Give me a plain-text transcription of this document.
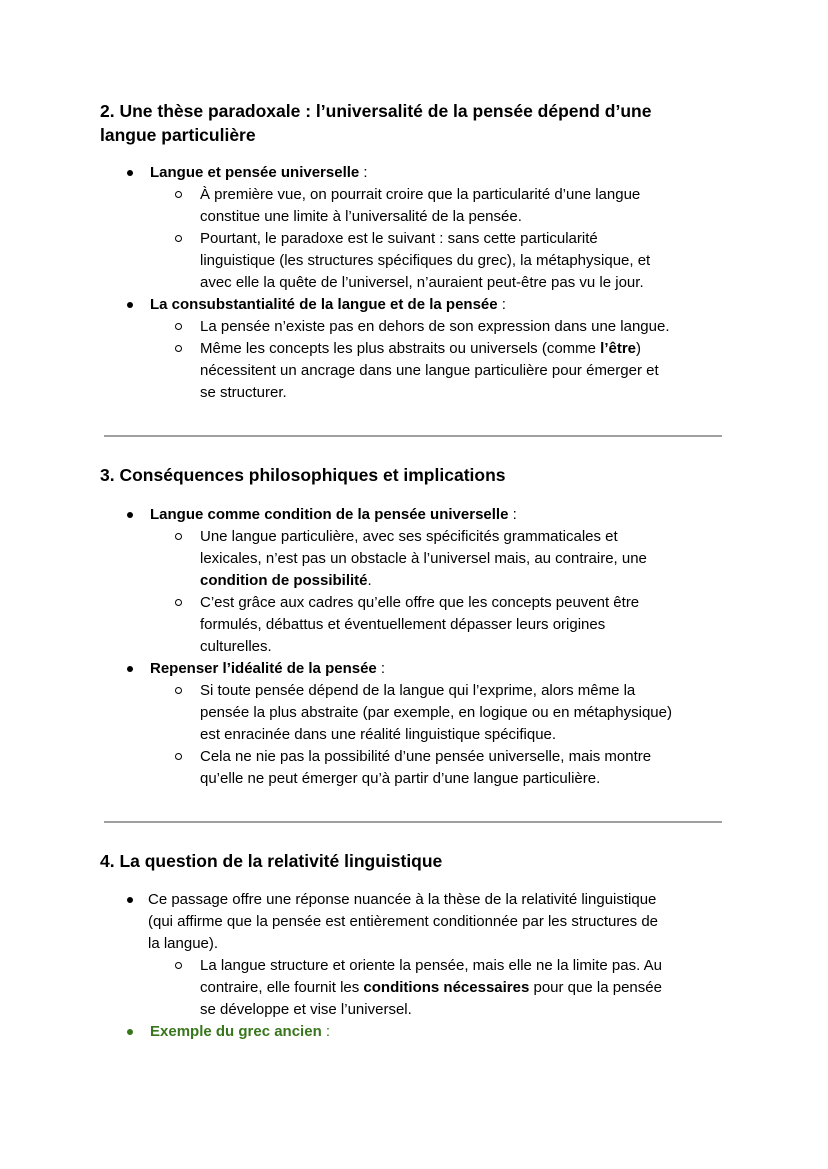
2. Une thèse paradoxale : l’universalité de la pensée dépend d’une
langue particulière
Langue et pensée universelle :
À première vue, on pourrait croire que la particularité d’une langue
constitue une limite à l’universalité de la pensée.
Pourtant, le paradoxe est le suivant : sans cette particularité
linguistique (les structures spécifiques du grec), la métaphysique, et
avec elle la quête de l’universel, n’auraient peut-être pas vu le jour.
La consubstantialité de la langue et de la pensée :
La pensée n’existe pas en dehors de son expression dans une langue.
Même les concepts les plus abstraits ou universels (comme l’être)
nécessitent un ancrage dans une langue particulière pour émerger et
se structurer.
3. Conséquences philosophiques et implications
Langue comme condition de la pensée universelle :
Une langue particulière, avec ses spécificités grammaticales et
lexicales, n’est pas un obstacle à l’universel mais, au contraire, une
condition de possibilité.
C’est grâce aux cadres qu’elle offre que les concepts peuvent être
formulés, débattus et éventuellement dépasser leurs origines
culturelles.
Repenser l’idéalité de la pensée :
Si toute pensée dépend de la langue qui l’exprime, alors même la
pensée la plus abstraite (par exemple, en logique ou en métaphysique)
est enracinée dans une réalité linguistique spécifique.
Cela ne nie pas la possibilité d’une pensée universelle, mais montre
qu’elle ne peut émerger qu’à partir d’une langue particulière.
4. La question de la relativité linguistique
Ce passage offre une réponse nuancée à la thèse de la relativité linguistique
(qui affirme que la pensée est entièrement conditionnée par les structures de
la langue).
La langue structure et oriente la pensée, mais elle ne la limite pas. Au
contraire, elle fournit les conditions nécessaires pour que la pensée
se développe et vise l’universel.
Exemple du grec ancien :
